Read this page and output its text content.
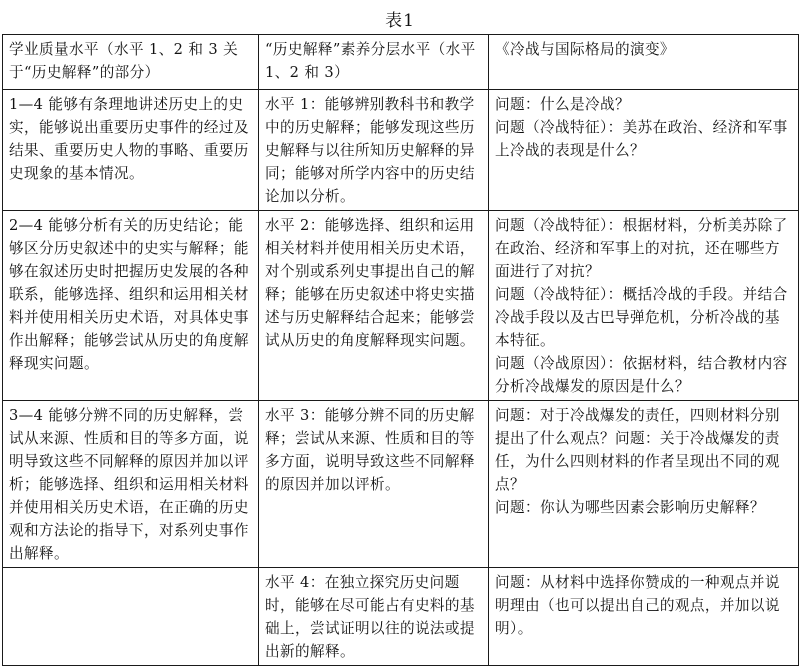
表1
学业质量水平（水平 1、2 和 3 关于“历史解释”的部分）	“历史解释”素养分层水平（水平 1、2 和 3）	《冷战与国际格局的演变》
1—4 能够有条理地讲述历史上的史实，能够说出重要历史事件的经过及结果、重要历史人物的事略、重要历史现象的基本情况。	水平 1：能够辨别教科书和教学中的历史解释；能够发现这些历史解释与以往所知历史解释的异同；能够对所学内容中的历史结论加以分析。	问题：什么是冷战？
问题（冷战特征）：美苏在政治、经济和军事上冷战的表现是什么？

2—4 能够分析有关的历史结论；能够区分历史叙述中的史实与解释；能够在叙述历史时把握历史发展的各种联系，能够选择、组织和运用相关材料并使用相关历史术语，对具体史事作出解释；能够尝试从历史的角度解释现实问题。	水平 2：能够选择、组织和运用相关材料并使用相关历史术语，对个别或系列史事提出自己的解释；能够在历史叙述中将史实描述与历史解释结合起来；能够尝试从历史的角度解释现实问题。	问题（冷战特征）：根据材料，分析美苏除了在政治、经济和军事上的对抗，还在哪些方面进行了对抗？
问题（冷战特征）：概括冷战的手段。并结合冷战手段以及古巴导弹危机，分析冷战的基本特征。
问题（冷战原因）：依据材料，结合教材内容分析冷战爆发的原因是什么？

3—4 能够分辨不同的历史解释，尝试从来源、性质和目的等多方面，说明导致这些不同解释的原因并加以评析；能够选择、组织和运用相关材料并使用相关历史术语，在正确的历史观和方法论的指导下，对系列史事作出解释。	水平 3：能够分辨不同的历史解释；尝试从来源、性质和目的等多方面，说明导致这些不同解释的原因并加以评析。	问题：对于冷战爆发的责任，四则材料分别提出了什么观点？问题：关于冷战爆发的责任，为什么四则材料的作者呈现出不同的观点？
问题：你认为哪些因素会影响历史解释？

	水平 4：在独立探究历史问题时，能够在尽可能占有史料的基础上，尝试证明以往的说法或提出新的解释。	问题：从材料中选择你赞成的一种观点并说明理由（也可以提出自己的观点，并加以说明）。
